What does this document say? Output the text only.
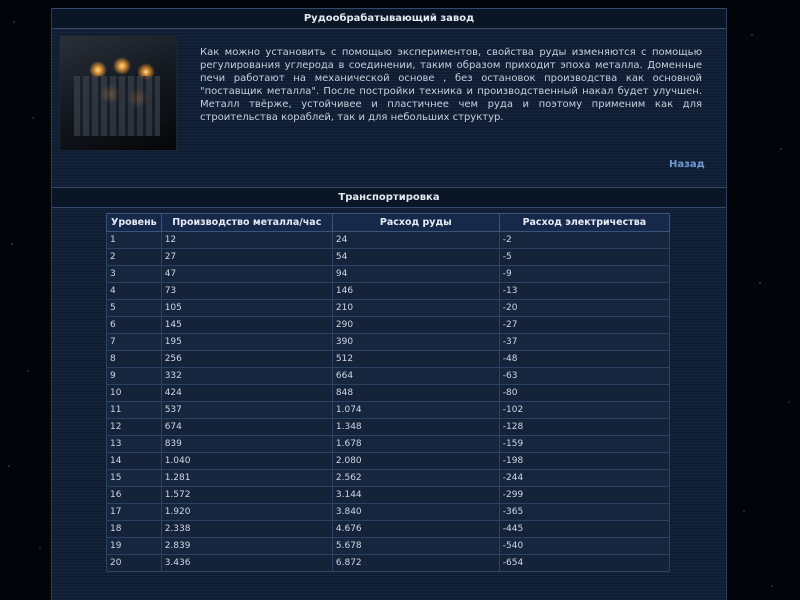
Рудообрабатывающий завод
Как можно установить с помощью экспериментов, свойства руды изменяются с помощью регулирования углерода в соединении, таким образом приходит эпоха металла. Доменные печи работают на механической основе , без остановок производства как основной "поставщик металла". После постройки техника и производственный накал будет улучшен. Металл твёрже, устойчивее и пластичнее чем руда и поэтому применим как для строительства кораблей, так и для небольших структур.
Назад
Транспортировка
Уровень	Производство металла/час	Расход руды	Расход электричества
1	12	24	-2
2	27	54	-5
3	47	94	-9
4	73	146	-13
5	105	210	-20
6	145	290	-27
7	195	390	-37
8	256	512	-48
9	332	664	-63
10	424	848	-80
11	537	1.074	-102
12	674	1.348	-128
13	839	1.678	-159
14	1.040	2.080	-198
15	1.281	2.562	-244
16	1.572	3.144	-299
17	1.920	3.840	-365
18	2.338	4.676	-445
19	2.839	5.678	-540
20	3.436	6.872	-654
